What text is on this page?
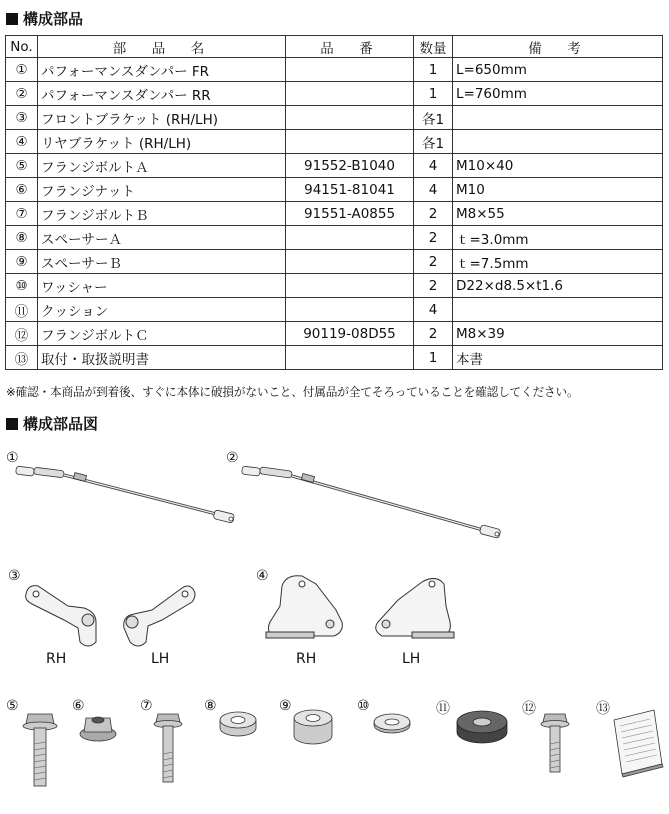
構成部品
No.	部　品　名	品　番	数量	備　考
①	パフォーマンスダンパー FR		1	L=650mm
②	パフォーマンスダンパー RR		1	L=760mm
③	フロントブラケット (RH/LH)		各1	
④	リヤブラケット (RH/LH)		各1	
⑤	フランジボルトＡ	91552-B1040	4	M10×40
⑥	フランジナット	94151-81041	4	M10
⑦	フランジボルトＢ	91551-A0855	2	M8×55
⑧	スペーサーＡ		2	ｔ=3.0mm
⑨	スペーサーＢ		2	ｔ=7.5mm
⑩	ワッシャー		2	D22×d8.5×t1.6
⑪	クッション		4	
⑫	フランジボルトＣ	90119-08D55	2	M8×39
⑬	取付・取扱説明書		1	本書
※確認・本商品が到着後、すぐに本体に破損がないこと、付属品が全てそろっていることを確認してください。
構成部品図
①	②
③	④
⑤	⑥	⑦	⑧	⑨	⑩	⑪	⑫	⑬
RH	LH	RH	LH
